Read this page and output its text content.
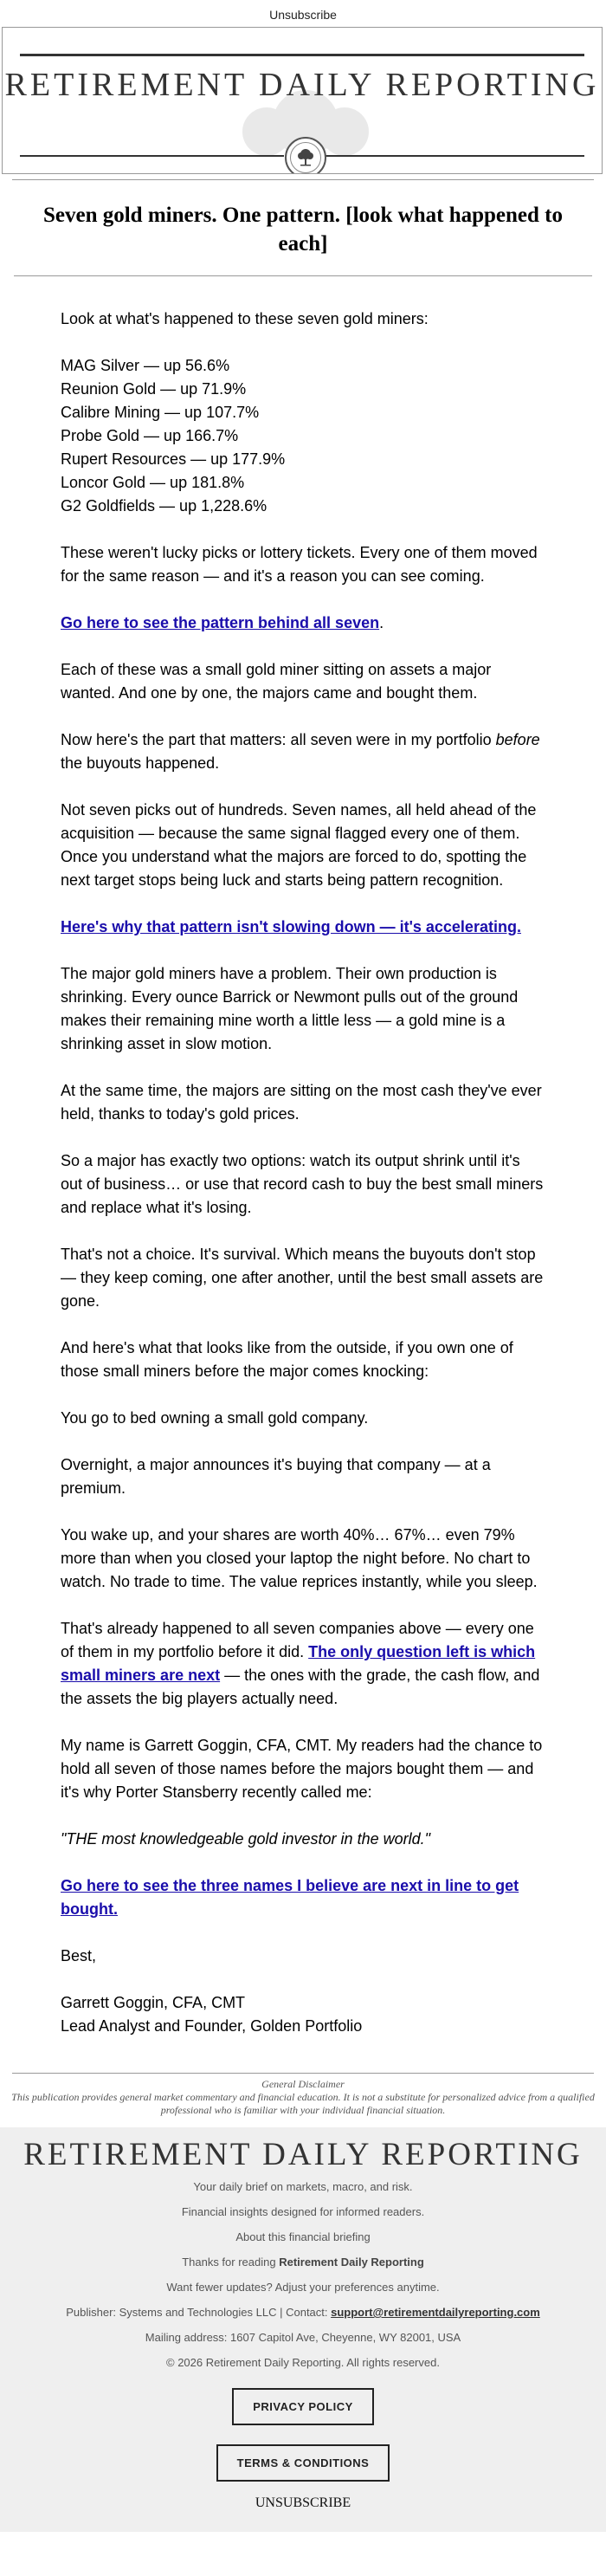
Unsubscribe
RETIREMENT DAILY REPORTING
Seven gold miners. One pattern. [look what happened to each]

Look at what's happened to these seven gold miners:

MAG Silver — up 56.6%
Reunion Gold — up 71.9%
Calibre Mining — up 107.7%
Probe Gold — up 166.7%
Rupert Resources — up 177.9%
Loncor Gold — up 181.8%
G2 Goldfields — up 1,228.6%

These weren't lucky picks or lottery tickets. Every one of them moved for the same reason — and it's a reason you can see coming.

Go here to see the pattern behind all seven.

Each of these was a small gold miner sitting on assets a major wanted. And one by one, the majors came and bought them.

Now here's the part that matters: all seven were in my portfolio before the buyouts happened.

Not seven picks out of hundreds. Seven names, all held ahead of the acquisition — because the same signal flagged every one of them. Once you understand what the majors are forced to do, spotting the next target stops being luck and starts being pattern recognition.

Here's why that pattern isn't slowing down — it's accelerating.

The major gold miners have a problem. Their own production is shrinking. Every ounce Barrick or Newmont pulls out of the ground makes their remaining mine worth a little less — a gold mine is a shrinking asset in slow motion.

At the same time, the majors are sitting on the most cash they've ever held, thanks to today's gold prices.

So a major has exactly two options: watch its output shrink until it's out of business… or use that record cash to buy the best small miners and replace what it's losing.

That's not a choice. It's survival. Which means the buyouts don't stop — they keep coming, one after another, until the best small assets are gone.

And here's what that looks like from the outside, if you own one of those small miners before the major comes knocking:

You go to bed owning a small gold company.

Overnight, a major announces it's buying that company — at a premium.

You wake up, and your shares are worth 40%… 67%… even 79% more than when you closed your laptop the night before. No chart to watch. No trade to time. The value reprices instantly, while you sleep.

That's already happened to all seven companies above — every one of them in my portfolio before it did. The only question left is which small miners are next — the ones with the grade, the cash flow, and the assets the big players actually need.

My name is Garrett Goggin, CFA, CMT. My readers had the chance to hold all seven of those names before the majors bought them — and it's why Porter Stansberry recently called me:

"THE most knowledgeable gold investor in the world."

Go here to see the three names I believe are next in line to get bought.

Best,

Garrett Goggin, CFA, CMT
Lead Analyst and Founder, Golden Portfolio
General Disclaimer
This publication provides general market commentary and financial education. It is not a substitute for personalized advice from a qualified professional who is familiar with your individual financial situation.
RETIREMENT DAILY REPORTING
Your daily brief on markets, macro, and risk.
Financial insights designed for informed readers.
About this financial briefing
Thanks for reading Retirement Daily Reporting
Want fewer updates? Adjust your preferences anytime.
Publisher: Systems and Technologies LLC | Contact: support@retirementdailyreporting.com
Mailing address: 1607 Capitol Ave, Cheyenne, WY 82001, USA
© 2026 Retirement Daily Reporting. All rights reserved.
PRIVACY POLICY
TERMS & CONDITIONS
UNSUBSCRIBE
